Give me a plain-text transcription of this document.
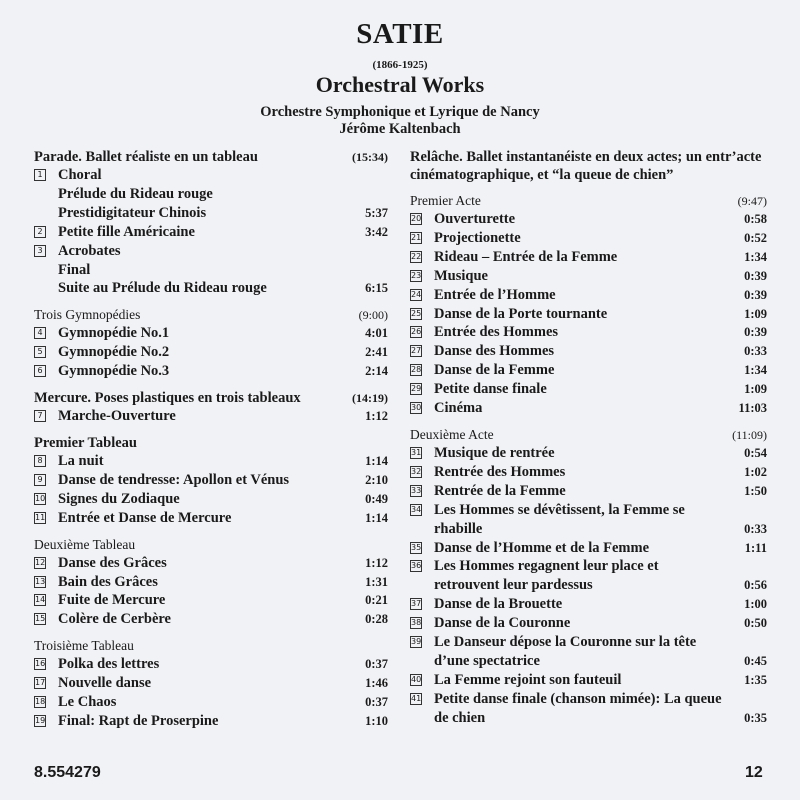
SATIE
(1866-1925)
Orchestral Works
Orchestre Symphonique et Lyrique de Nancy
Jérôme Kaltenbach
Parade. Ballet réaliste en un tableau	(15:34)
1 Choral
Prélude du Rideau rouge
Prestidigitateur Chinois	5:37
2 Petite fille Américaine	3:42
3 Acrobates
Final
Suite au Prélude du Rideau rouge	6:15
Trois Gymnopédies	(9:00)
4 Gymnopédie No.1	4:01
5 Gymnopédie No.2	2:41
6 Gymnopédie No.3	2:14
Mercure. Poses plastiques en trois tableaux	(14:19)
7 Marche-Ouverture	1:12
Premier Tableau
8 La nuit	1:14
9 Danse de tendresse: Apollon et Vénus	2:10
10 Signes du Zodiaque	0:49
11 Entrée et Danse de Mercure	1:14
Deuxième Tableau
12 Danse des Grâces	1:12
13 Bain des Grâces	1:31
14 Fuite de Mercure	0:21
15 Colère de Cerbère	0:28
Troisième Tableau
16 Polka des lettres	0:37
17 Nouvelle danse	1:46
18 Le Chaos	0:37
19 Final: Rapt de Proserpine	1:10
Relâche. Ballet instantanéiste en deux actes; un entr’acte cinématographique, et “la queue de chien”
Premier Acte	(9:47)
20 Ouverturette	0:58
21 Projectionette	0:52
22 Rideau – Entrée de la Femme	1:34
23 Musique	0:39
24 Entrée de l’Homme	0:39
25 Danse de la Porte tournante	1:09
26 Entrée des Hommes	0:39
27 Danse des Hommes	0:33
28 Danse de la Femme	1:34
29 Petite danse finale	1:09
30 Cinéma	11:03
Deuxième Acte	(11:09)
31 Musique de rentrée	0:54
32 Rentrée des Hommes	1:02
33 Rentrée de la Femme	1:50
34 Les Hommes se dévêtissent, la Femme se
rhabille	0:33
35 Danse de l’Homme et de la Femme	1:11
36 Les Hommes regagnent leur place et
retrouvent leur pardessus	0:56
37 Danse de la Brouette	1:00
38 Danse de la Couronne	0:50
39 Le Danseur dépose la Couronne sur la tête
d’une spectatrice	0:45
40 La Femme rejoint son fauteuil	1:35
41 Petite danse finale (chanson mimée): La queue
de chien	0:35
8.554279	12
